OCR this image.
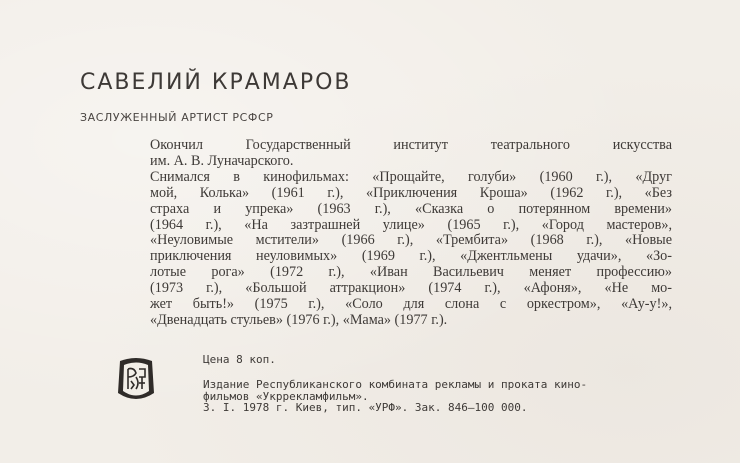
САВЕЛИЙ КРАМАРОВ
ЗАСЛУЖЕННЫЙ АРТИСТ РСФСР
Окончил Государственный институт театрального искусства
им. А. В. Луначарского.
Снимался в кинофильмах: «Прощайте, голуби» (1960 г.), «Друг
мой, Колька» (1961 г.), «Приключения Кроша» (1962 г.), «Без
страха и упрека» (1963 г.), «Сказка о потерянном времени»
(1964 г.), «На зазтрашней улице» (1965 г.), «Город мастеров»,
«Неуловимые мстители» (1966 г.), «Трембита» (1968 г.), «Новые
приключения неуловимых» (1969 г.), «Джентльмены удачи», «Зо-
лотые рога» (1972 г.), «Иван Васильевич меняет профессию»
(1973 г.), «Большой аттракцион» (1974 г.), «Афоня», «Не мо-
жет быть!» (1975 г.), «Соло для слона с оркестром», «Ау-у!»,
«Двенадцать стульев» (1976 г.), «Мама» (1977 г.).
Цена 8 коп.
Издание Республиканского комбината рекламы и проката кино-
фильмов «Укррекламфильм».
3. I. 1978 г. Киев, тип. «УРФ». Зак. 846—100 000.
